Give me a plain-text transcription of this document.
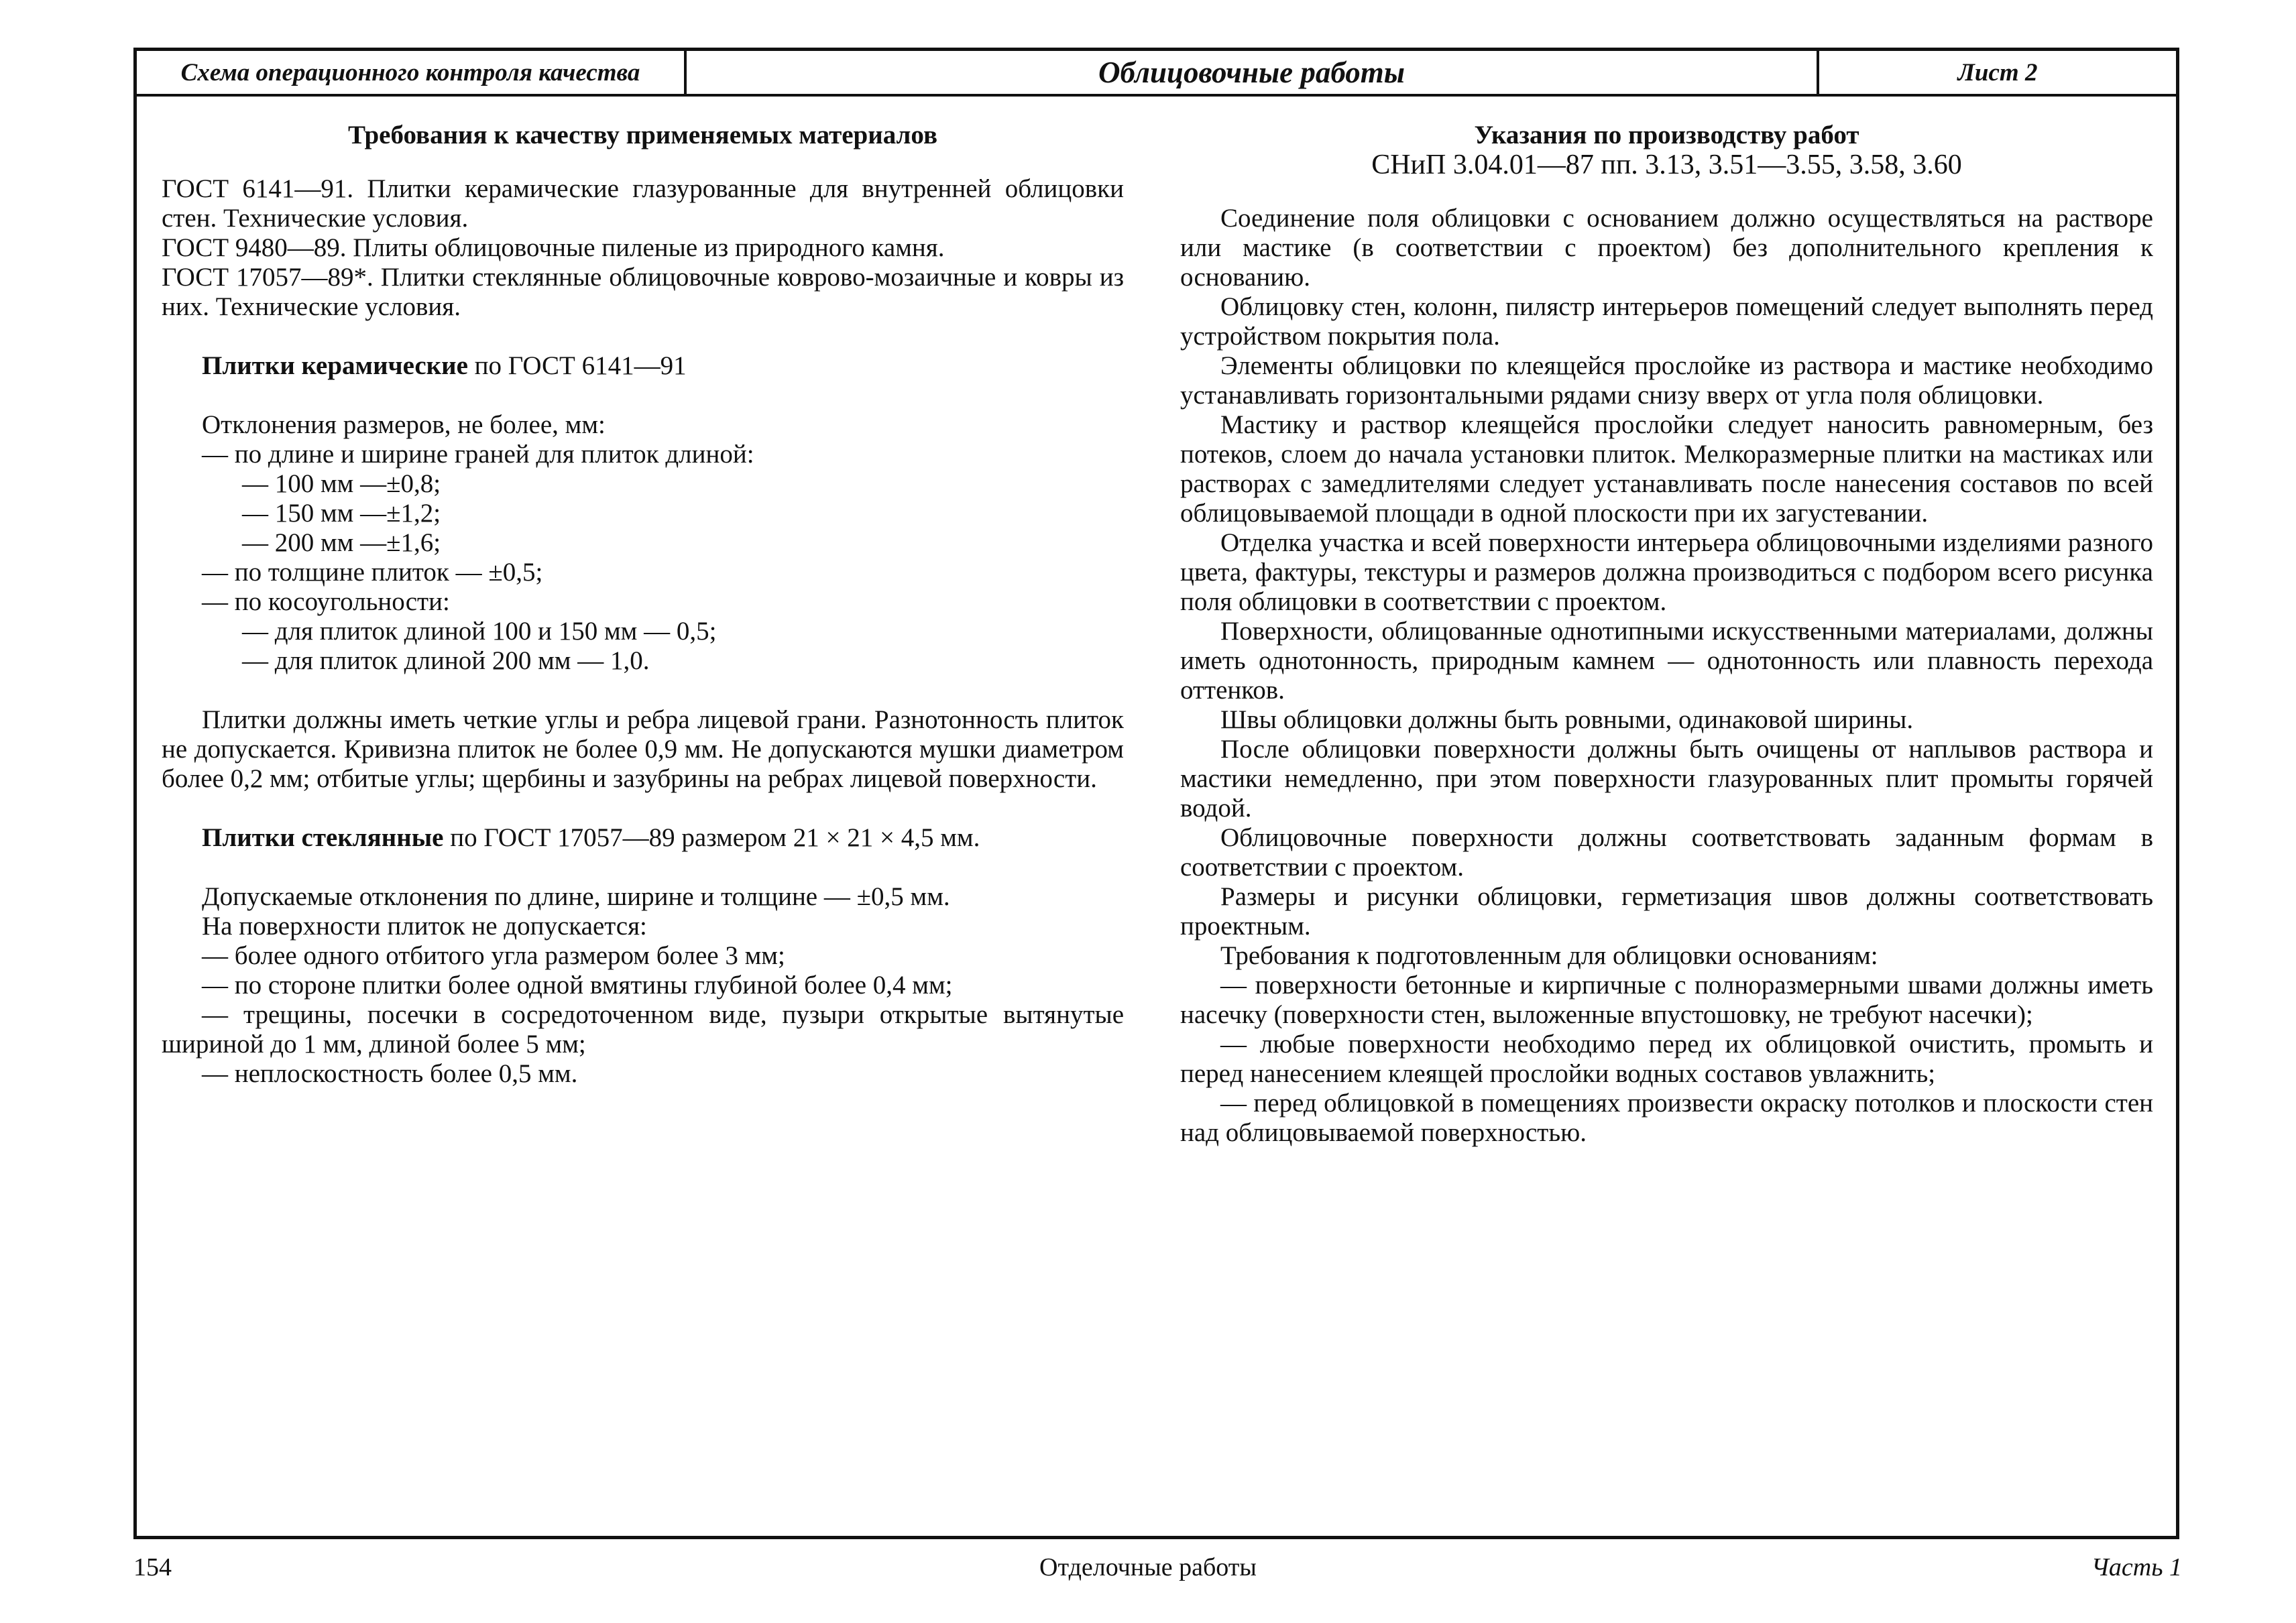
Схема операционного контроля качества	Облицовочные работы	Лист 2

Требования к качеству применяемых материалов

ГОСТ 6141—91. Плитки керамические глазурованные для внутренней облицовки стен. Технические условия.

ГОСТ 9480—89. Плиты облицовочные пиленые из природного камня.

ГОСТ 17057—89*. Плитки стеклянные облицовочные коврово-мозаичные и ковры из них. Технические условия.

Плитки керамические по ГОСТ 6141—91

Отклонения размеров, не более, мм:

— по длине и ширине граней для плиток длиной:

— 100 мм —±0,8;

— 150 мм —±1,2;

— 200 мм —±1,6;

— по толщине плиток — ±0,5;

— по косоугольности:

— для плиток длиной 100 и 150 мм — 0,5;

— для плиток длиной 200 мм — 1,0.

Плитки должны иметь четкие углы и ребра лицевой грани. Разнотонность плиток не допускается. Кривизна плиток не более 0,9 мм. Не допускаются мушки диаметром более 0,2 мм; отбитые углы; щербины и зазубрины на ребрах лицевой поверхности.

Плитки стеклянные по ГОСТ 17057—89 размером 21 × 21 × 4,5 мм.

Допускаемые отклонения по длине, ширине и толщине — ±0,5 мм.

На поверхности плиток не допускается:

— более одного отбитого угла размером более 3 мм;

— по стороне плитки более одной вмятины глубиной более 0,4 мм;

— трещины, посечки в сосредоточенном виде, пузыри открытые вытянутые шириной до 1 мм, длиной более 5 мм;

— неплоскостность более 0,5 мм.

Указания по производству работ

СНиП 3.04.01—87 пп. 3.13, 3.51—3.55, 3.58, 3.60

Соединение поля облицовки с основанием должно осуществляться на растворе или мастике (в соответствии с проектом) без дополнительного крепления к основанию.

Облицовку стен, колонн, пилястр интерьеров помещений следует выполнять перед устройством покрытия пола.

Элементы облицовки по клеящейся прослойке из раствора и мастике необходимо устанавливать горизонтальными рядами снизу вверх от угла поля облицовки.

Мастику и раствор клеящейся прослойки следует наносить равномерным, без потеков, слоем до начала установки плиток. Мелкоразмерные плитки на мастиках или растворах с замедлителями следует устанавливать после нанесения составов по всей облицовываемой площади в одной плоскости при их загустевании.

Отделка участка и всей поверхности интерьера облицовочными изделиями разного цвета, фактуры, текстуры и размеров должна производиться с подбором всего рисунка поля облицовки в соответствии с проектом.

Поверхности, облицованные однотипными искусственными материалами, должны иметь однотонность, природным камнем — однотонность или плавность перехода оттенков.

Швы облицовки должны быть ровными, одинаковой ширины.

После облицовки поверхности должны быть очищены от наплывов раствора и мастики немедленно, при этом поверхности глазурованных плит промыты горячей водой.

Облицовочные поверхности должны соответствовать заданным формам в соответствии с проектом.

Размеры и рисунки облицовки, герметизация швов должны соответствовать проектным.

Требования к подготовленным для облицовки основаниям:

— поверхности бетонные и кирпичные с полноразмерными швами должны иметь насечку (поверхности стен, выложенные впустошовку, не требуют насечки);

— любые поверхности необходимо перед их облицовкой очистить, промыть и перед нанесением клеящей прослойки водных составов увлажнить;

— перед облицовкой в помещениях произвести окраску потолков и плоскости стен над облицовываемой поверхностью.

154	Отделочные работы	Часть 1
